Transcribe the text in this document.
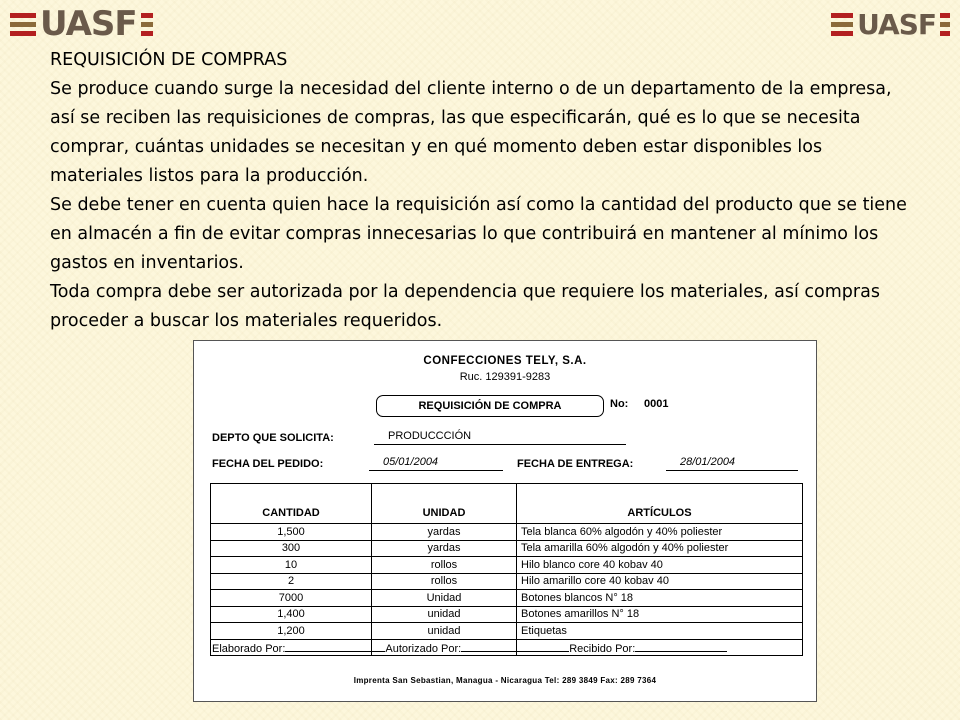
UASF	UASF

REQUISICIÓN DE COMPRAS

Se produce cuando surge la necesidad del cliente interno o de un departamento de la empresa, así se reciben las requisiciones de compras, las que especificarán, qué es lo que se necesita comprar, cuántas unidades se necesitan y en qué momento deben estar disponibles los materiales listos para la producción.

Se debe tener en cuenta quien hace la requisición así como la cantidad del producto que se tiene en almacén a fin de evitar compras innecesarias lo que contribuirá en mantener al mínimo los gastos en inventarios.

Toda compra debe ser autorizada por la dependencia que requiere los materiales, así compras proceder a buscar los materiales requeridos.

CONFECCIONES TELY, S.A.
Ruc. 129391-9283
REQUISICIÓN DE COMPRA	No: 0001
DEPTO QUE SOLICITA:	PRODUCCCIÓN
FECHA DEL PEDIDO:	05/01/2004	FECHA DE ENTREGA:	28/01/2004
CANTIDAD	UNIDAD	ARTÍCULOS
1,500	yardas	Tela blanca 60% algodón y 40% poliester
300	yardas	Tela amarilla 60% algodón y 40% poliester
10	rollos	Hilo blanco core 40 kobav 40
2	rollos	Hilo amarillo core 40 kobav 40
7000	Unidad	Botones blancos N° 18
1,400	unidad	Botones amarillos N° 18
1,200	unidad	Etiquetas

Elaborado Por:	Autorizado Por:	Recibido Por:
Imprenta San Sebastian, Managua - Nicaragua Tel: 289 3849 Fax: 289 7364
